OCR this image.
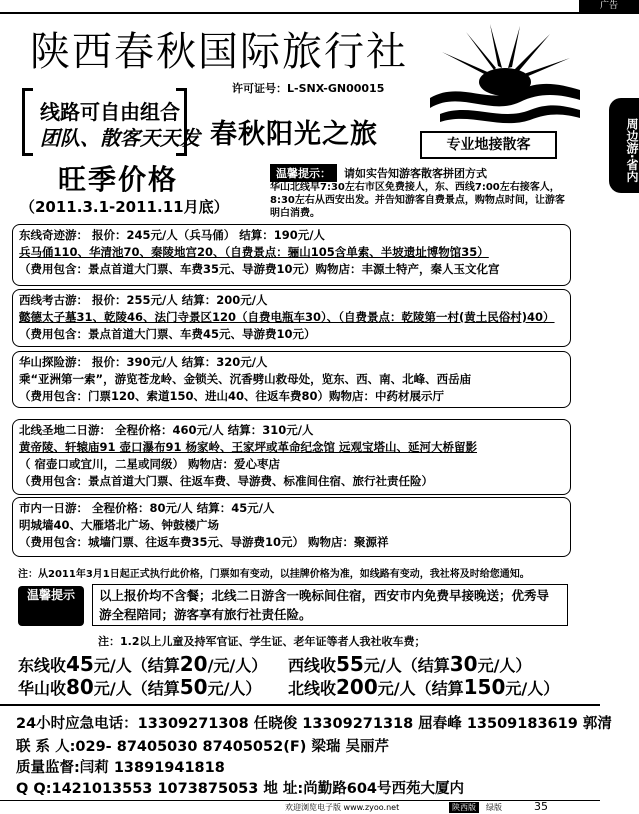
广告
周边游·省内
陕西春秋国际旅行社
许可证号：L-SNX-GN00015
线路可自由组合
团队、散客天天发 春秋阳光之旅	专业地接散客
旺季价格
（2011.3.1-2011.11月底）
温馨提示：	请如实告知游客散客拼团方式
华山北线早7:30左右市区免费接人，东、西线7:00左右接客人，8:30左右从西安出发。并告知游客自费景点，购物点时间，让游客明白消费。
东线奇迹游： 报价：245元/人（兵马俑） 结算：190元/人
兵马俑110、华清池70、秦陵地宫20、（自费景点：骊山105含单索、半坡遗址博物馆35）
（费用包含：景点首道大门票、车费35元、导游费10元）购物店：丰源土特产，秦人玉文化宫
西线考古游： 报价：255元/人 结算：200元/人
懿德太子墓31、乾陵46、法门寺景区120（自费电瓶车30）、（自费景点：乾陵第一村(黄土民俗村)40）
（费用包含：景点首道大门票、车费45元、导游费10元）
华山探险游： 报价：390元/人 结算：320元/人
乘“亚洲第一索”，游览苍龙岭、金锁关、沉香劈山救母处，览东、西、南、北峰、西岳庙
（费用包含：门票120、索道150、进山40、往返车费80）购物店：中药材展示厅
北线圣地二日游： 全程价格：460元/人 结算：310元/人
黄帝陵、轩辕庙91 壶口瀑布91 杨家岭、王家坪或革命纪念馆 远观宝塔山、延河大桥留影
（ 宿壶口或宜川，二星或同级） 购物店：爱心枣店
（费用包含：景点首道大门票、往返车费、导游费、标准间住宿、旅行社责任险）
市内一日游： 全程价格：80元/人 结算：45元/人
明城墙40、大雁塔北广场、钟鼓楼广场
（费用包含：城墙门票、往返车费35元、导游费10元） 购物店：聚源祥
注：从2011年3月1日起正式执行此价格，门票如有变动，以挂牌价格为准，如线路有变动，我社将及时给您通知。
温馨提示	以上报价均不含餐；北线二日游含一晚标间住宿，西安市内免费早接晚送；优秀导游全程陪同；游客享有旅行社责任险。
注：1.2以上儿童及持军官证、学生证、老年证等者人我社收车费；
东线收45元/人（结算20/元/人） 西线收55元/人（结算30元/人）
华山收80元/人（结算50元/人） 北线收200元/人（结算150元/人）
24小时应急电话：13309271308 任晓俊 13309271318 屈春峰 13509183619 郭清
联 系 人:029- 87405030 87405052(F) 梁瑞 吴丽芹
质量监督:闫莉 13891941818
Q Q:1421013553 1073875053 地 址:尚勤路604号西苑大厦内
欢迎浏览电子版 www.zyoo.net	陕西版	绿版	35
